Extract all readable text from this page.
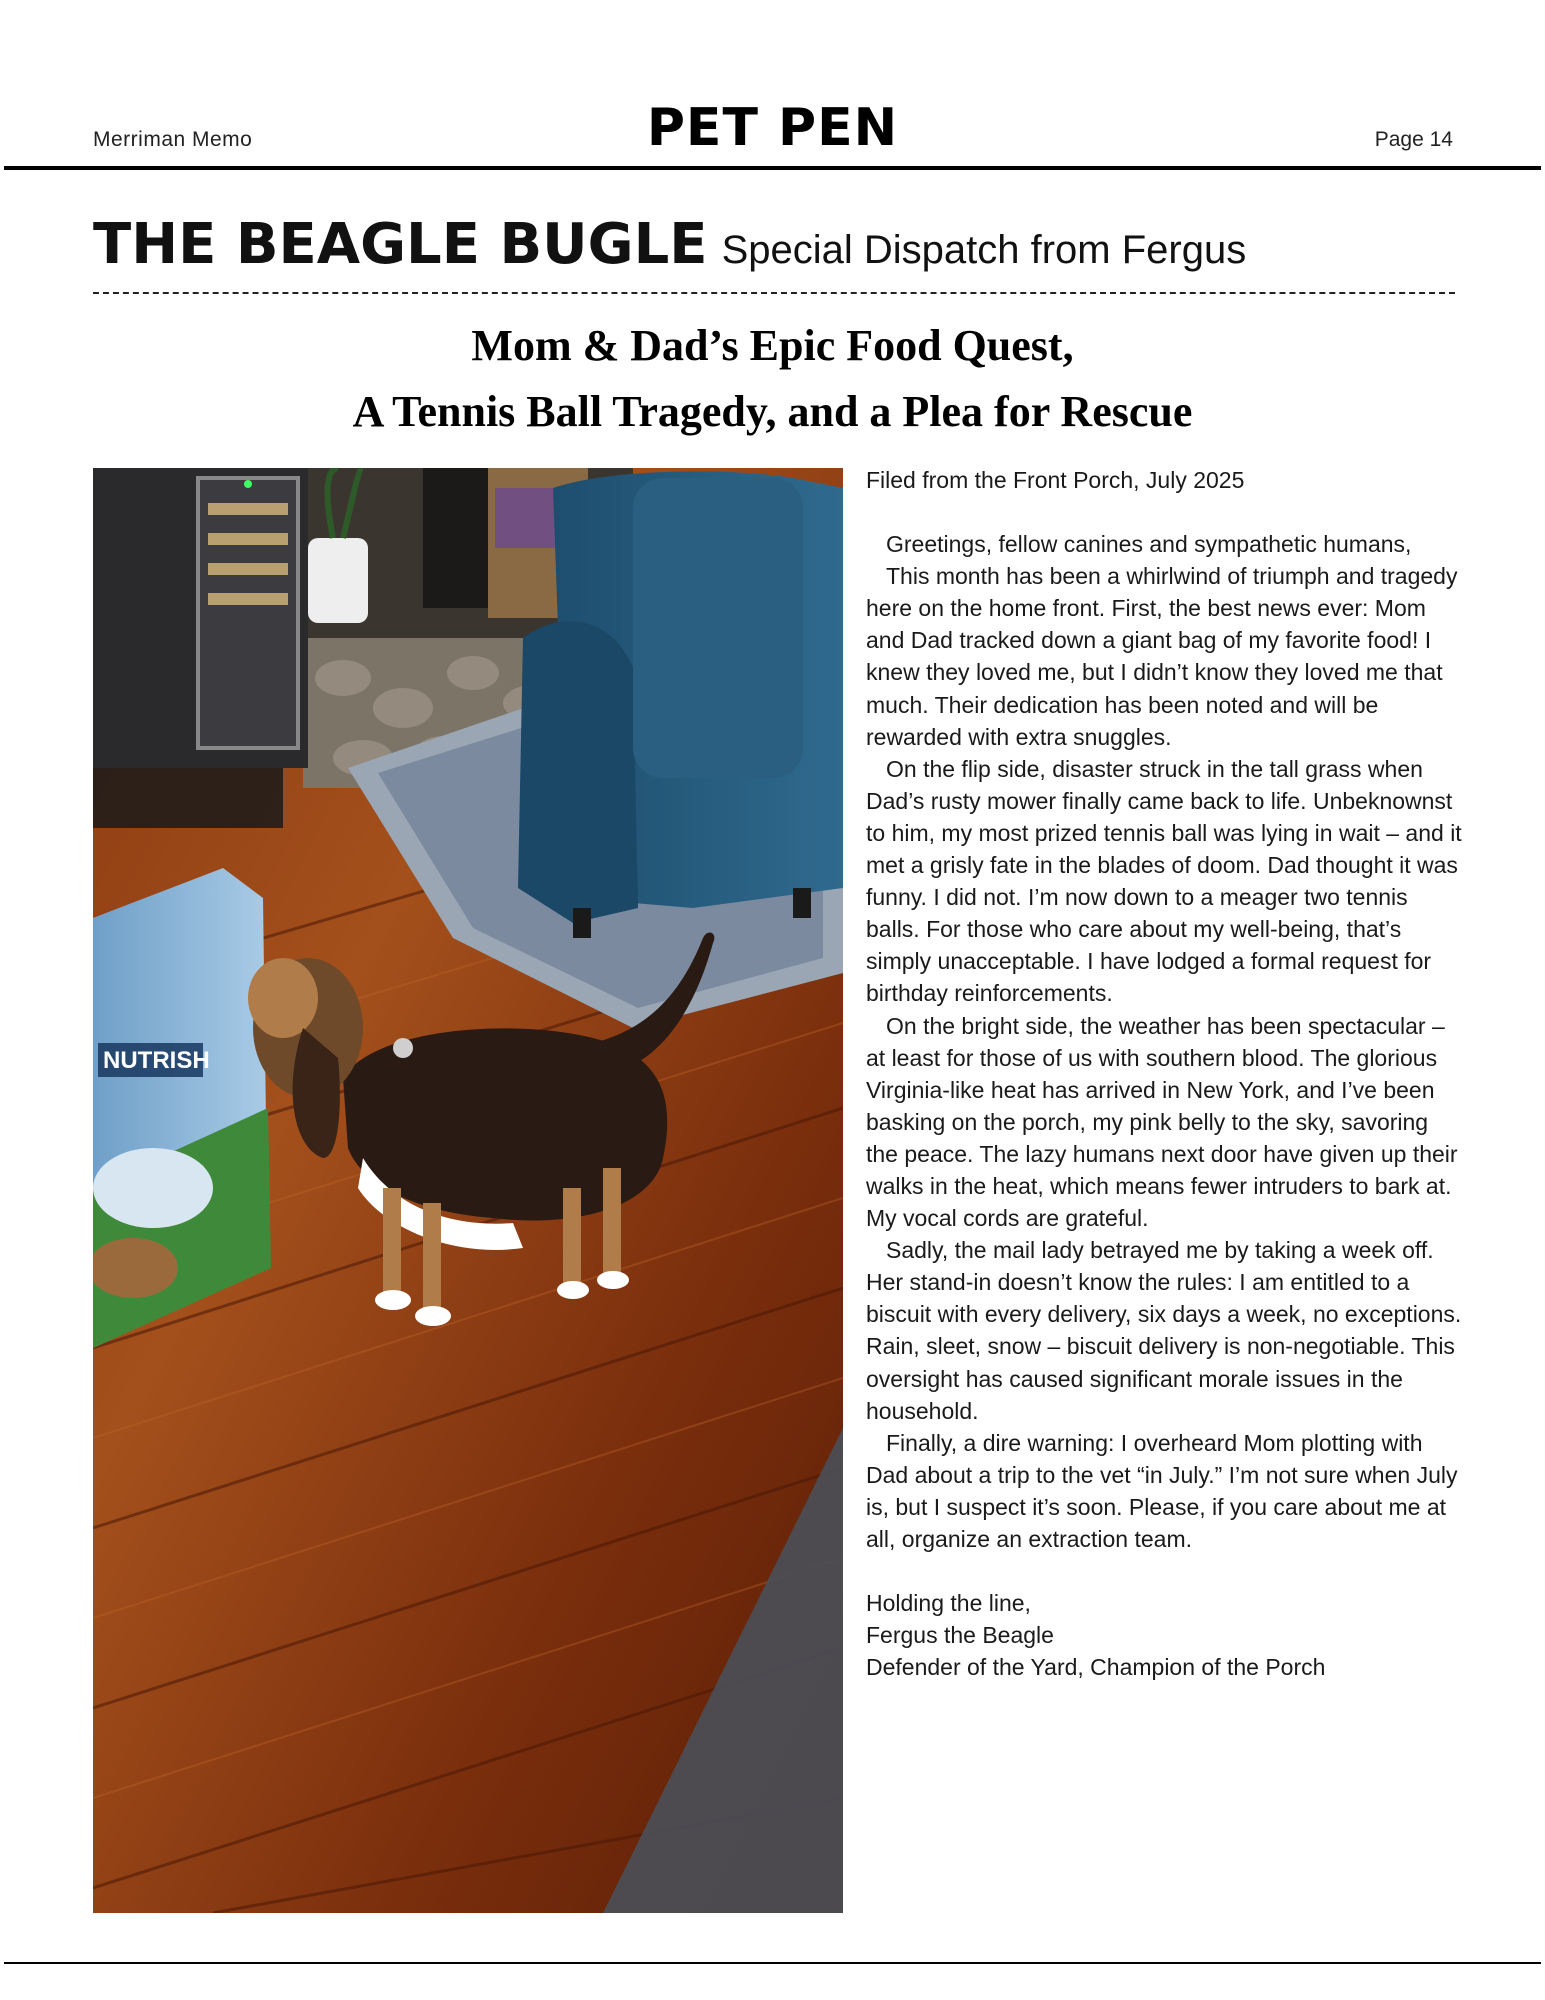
Merriman Memo	PET PEN	Page 14
THE BEAGLE BUGLE Special Dispatch from Fergus
Mom & Dad’s Epic Food Quest,
A Tennis Ball Tragedy, and a Plea for Rescue
NUTRISH

Filed from the Front Porch, July 2025

Greetings, fellow canines and sympathetic humans,

This month has been a whirlwind of triumph and tragedy here on the home front. First, the best news ever: Mom and Dad tracked down a giant bag of my favorite food! I knew they loved me, but I didn’t know they loved me that much. Their dedication has been noted and will be rewarded with extra snuggles.

On the flip side, disaster struck in the tall grass when Dad’s rusty mower finally came back to life. Unbeknownst to him, my most prized tennis ball was lying in wait – and it met a grisly fate in the blades of doom. Dad thought it was funny. I did not. I’m now down to a meager two tennis balls. For those who care about my well-being, that’s simply unacceptable. I have lodged a formal request for birthday reinforcements.

On the bright side, the weather has been spectacular – at least for those of us with southern blood. The glorious Virginia-like heat has arrived in New York, and I’ve been basking on the porch, my pink belly to the sky, savoring the peace. The lazy humans next door have given up their walks in the heat, which means fewer intruders to bark at. My vocal cords are grateful.

Sadly, the mail lady betrayed me by taking a week off. Her stand-in doesn’t know the rules: I am entitled to a biscuit with every delivery, six days a week, no exceptions. Rain, sleet, snow – biscuit delivery is non-negotiable. This oversight has caused significant morale issues in the household.

Finally, a dire warning: I overheard Mom plotting with Dad about a trip to the vet “in July.” I’m not sure when July is, but I suspect it’s soon. Please, if you care about me at all, organize an extraction team.

Holding the line,

Fergus the Beagle

Defender of the Yard, Champion of the Porch
